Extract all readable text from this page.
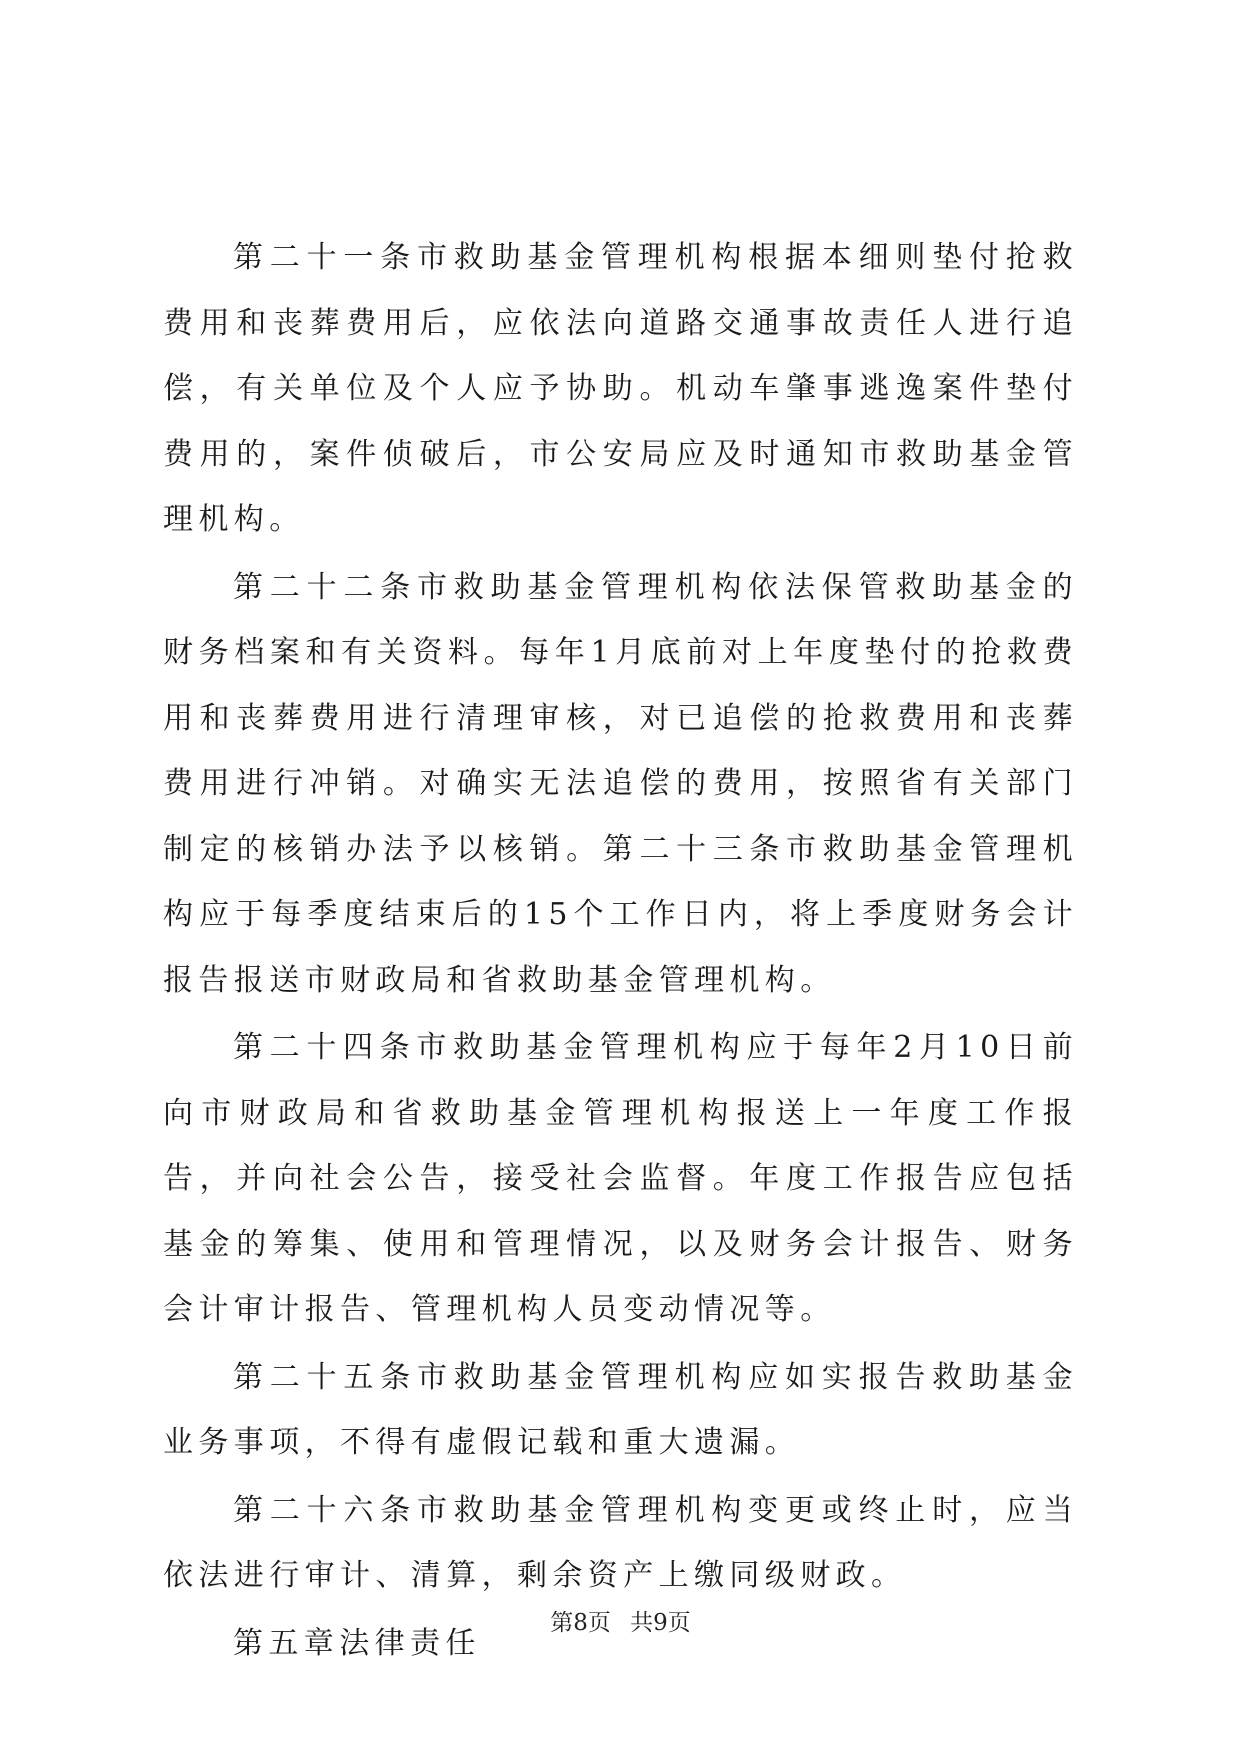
第二十一条市救助基金管理机构根据本细则垫付抢救费用和丧葬费用后，应依法向道路交通事故责任人进行追偿，有关单位及个人应予协助。机动车肇事逃逸案件垫付费用的，案件侦破后，市公安局应及时通知市救助基金管理机构。

第二十二条市救助基金管理机构依法保管救助基金的财务档案和有关资料。每年1月底前对上年度垫付的抢救费用和丧葬费用进行清理审核，对已追偿的抢救费用和丧葬费用进行冲销。对确实无法追偿的费用，按照省有关部门制定的核销办法予以核销。第二十三条市救助基金管理机构应于每季度结束后的15个工作日内，将上季度财务会计报告报送市财政局和省救助基金管理机构。

第二十四条市救助基金管理机构应于每年2月10日前向市财政局和省救助基金管理机构报送上一年度工作报告，并向社会公告，接受社会监督。年度工作报告应包括基金的筹集、使用和管理情况，以及财务会计报告、财务会计审计报告、管理机构人员变动情况等。

第二十五条市救助基金管理机构应如实报告救助基金业务事项，不得有虚假记载和重大遗漏。

第二十六条市救助基金管理机构变更或终止时，应当依法进行审计、清算，剩余资产上缴同级财政。

第五章法律责任

第8页 共9页
